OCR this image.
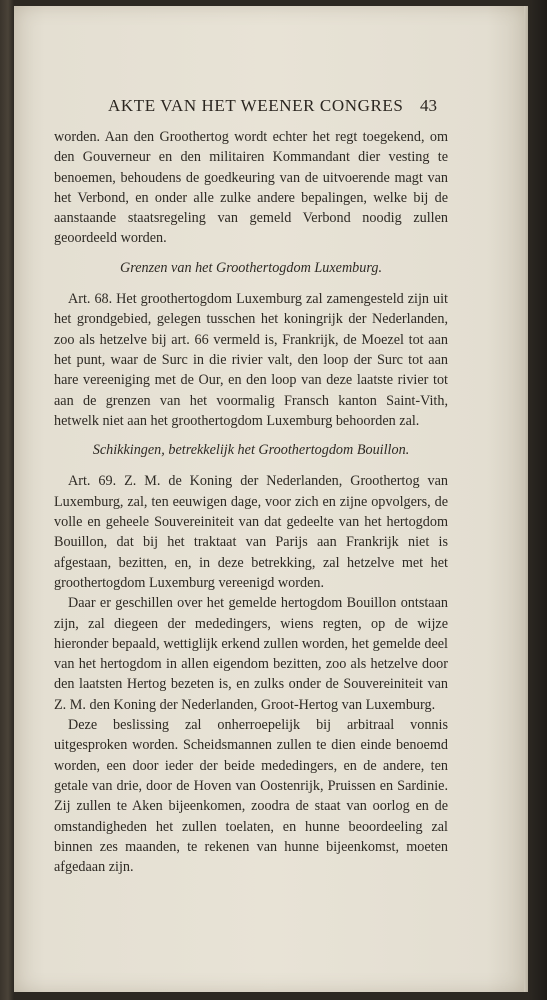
AKTE VAN HET WEENER CONGRES 43

worden. Aan den Groothertog wordt echter het regt toegekend, om den Gouverneur en den militairen Kommandant dier vesting te benoemen, behoudens de goedkeuring van de uitvoerende magt van het Verbond, en onder alle zulke andere bepalingen, welke bij de aanstaande staatsregeling van gemeld Verbond noodig zullen geoordeeld worden.

Grenzen van het Groothertogdom Luxemburg.

Art. 68. Het groothertogdom Luxemburg zal zamengesteld zijn uit het grondgebied, gelegen tusschen het koningrijk der Nederlanden, zoo als hetzelve bij art. 66 vermeld is, Frankrijk, de Moezel tot aan het punt, waar de Surc in die rivier valt, den loop der Surc tot aan hare vereeniging met de Our, en den loop van deze laatste rivier tot aan de grenzen van het voormalig Fransch kanton Saint-Vith, hetwelk niet aan het groothertogdom Luxemburg behoorden zal.

Schikkingen, betrekkelijk het Groothertogdom Bouillon.

Art. 69. Z. M. de Koning der Nederlanden, Groothertog van Luxemburg, zal, ten eeuwigen dage, voor zich en zijne opvolgers, de volle en geheele Souvereiniteit van dat gedeelte van het hertogdom Bouillon, dat bij het traktaat van Parijs aan Frankrijk niet is afgestaan, bezitten, en, in deze betrekking, zal hetzelve met het groothertogdom Luxemburg vereenigd worden.

Daar er geschillen over het gemelde hertogdom Bouillon ontstaan zijn, zal diegeen der mededingers, wiens regten, op de wijze hieronder bepaald, wettiglijk erkend zullen worden, het gemelde deel van het hertogdom in allen eigendom bezitten, zoo als hetzelve door den laatsten Hertog bezeten is, en zulks onder de Souvereiniteit van Z. M. den Koning der Nederlanden, Groot-Hertog van Luxemburg.

Deze beslissing zal onherroepelijk bij arbitraal vonnis uitgesproken worden. Scheidsmannen zullen te dien einde benoemd worden, een door ieder der beide mededingers, en de andere, ten getale van drie, door de Hoven van Oostenrijk, Pruissen en Sardinie. Zij zullen te Aken bijeenkomen, zoodra de staat van oorlog en de omstandigheden het zullen toelaten, en hunne beoordeeling zal binnen zes maanden, te rekenen van hunne bijeenkomst, moeten afgedaan zijn.
